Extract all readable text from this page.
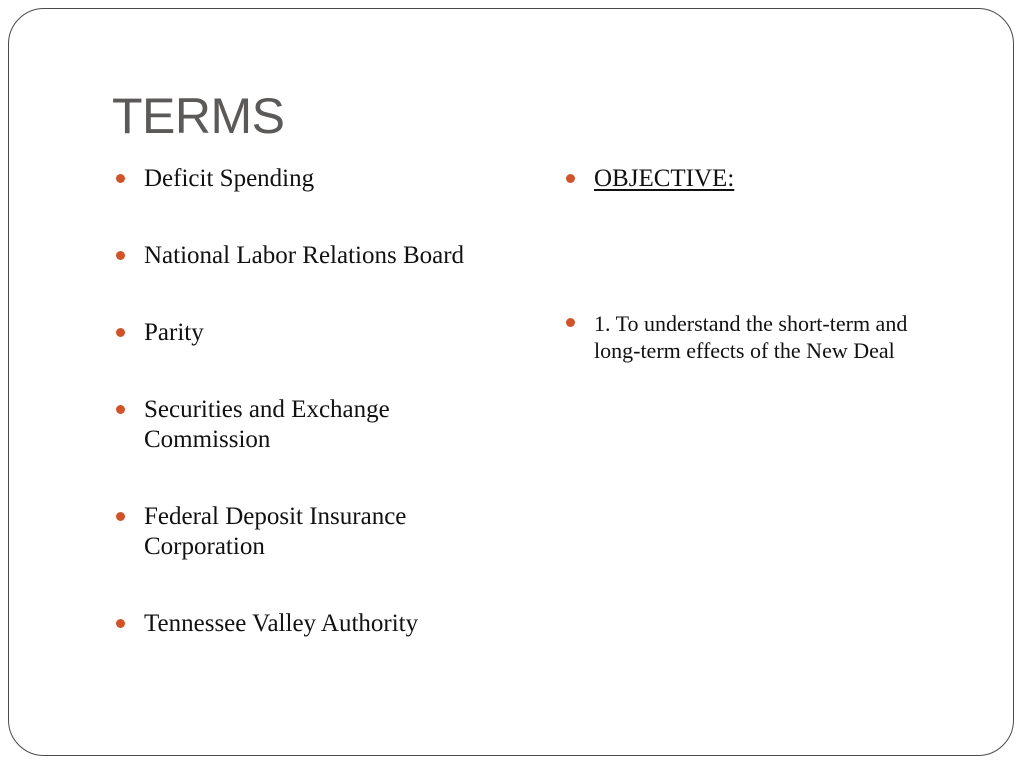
TERMS
Deficit Spending
National Labor Relations Board
Parity
Securities and Exchange Commission
Federal Deposit Insurance Corporation
Tennessee Valley Authority
OBJECTIVE:
1. To understand the short-term and long-term effects of the New Deal
